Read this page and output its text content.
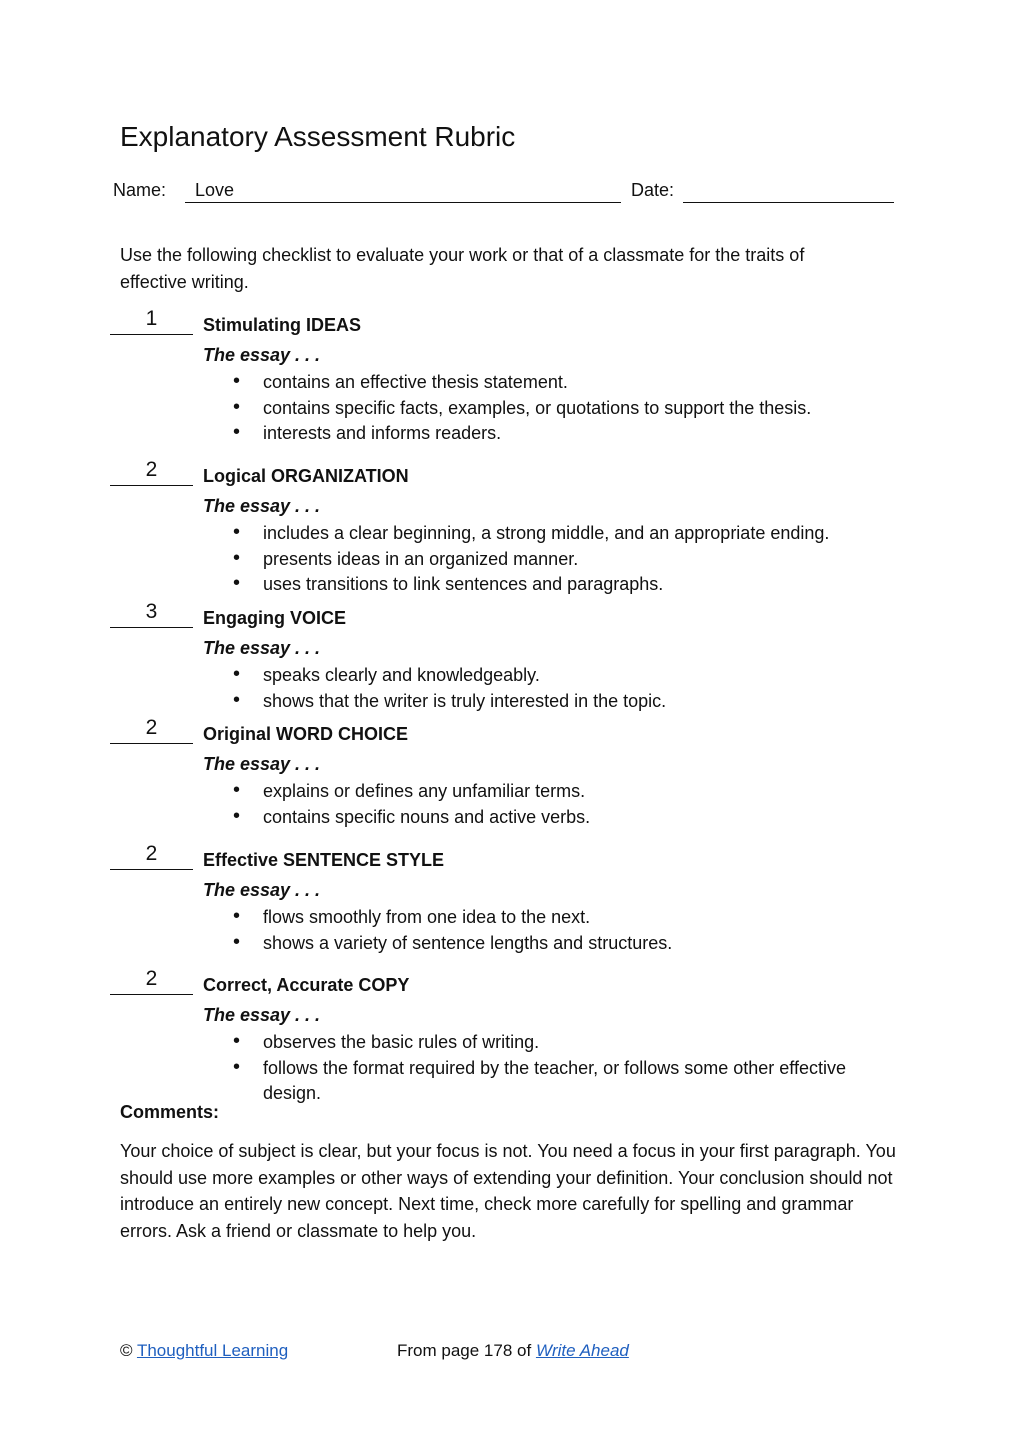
Explanatory Assessment Rubric
Name: Love	Date:

Use the following checklist to evaluate your work or that of a classmate for the traits of effective writing.

1	Stimulating IDEAS
The essay . . .
• contains an effective thesis statement.
• contains specific facts, examples, or quotations to support the thesis.
• interests and informs readers.
2	Logical ORGANIZATION
The essay . . .
• includes a clear beginning, a strong middle, and an appropriate ending.
• presents ideas in an organized manner.
• uses transitions to link sentences and paragraphs.
3	Engaging VOICE
The essay . . .
• speaks clearly and knowledgeably.
• shows that the writer is truly interested in the topic.
2	Original WORD CHOICE
The essay . . .
• explains or defines any unfamiliar terms.
• contains specific nouns and active verbs.
2	Effective SENTENCE STYLE
The essay . . .
• flows smoothly from one idea to the next.
• shows a variety of sentence lengths and structures.
2	Correct, Accurate COPY
The essay . . .
• observes the basic rules of writing.
• follows the format required by the teacher, or follows some other effective design.
Comments:

Your choice of subject is clear, but your focus is not. You need a focus in your first paragraph. You should use more examples or other ways of extending your definition. Your conclusion should not introduce an entirely new concept. Next time, check more carefully for spelling and grammar errors. Ask a friend or classmate to help you.

© Thoughtful Learning	From page 178 of Write Ahead
